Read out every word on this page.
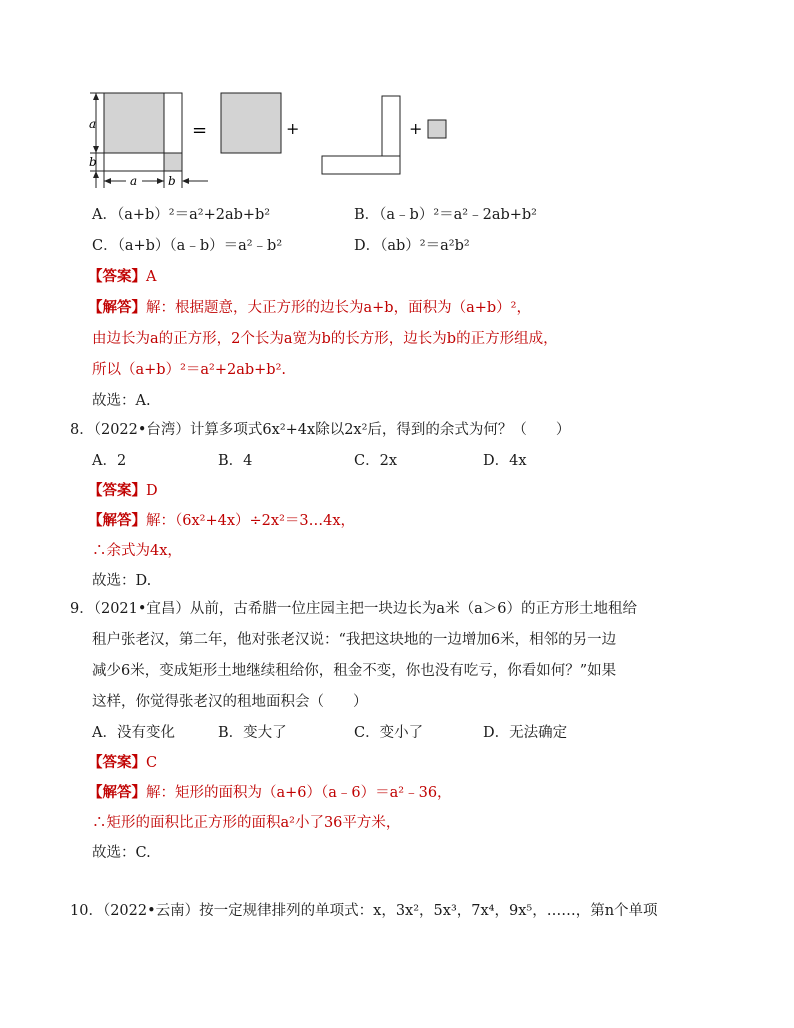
a
b
a	b
=	+	+
A．（a+b）²＝a²+2ab+b²	B．（a﹣b）²＝a²﹣2ab+b²
C．（a+b）（a﹣b）＝a²﹣b²	D．（ab）²＝a²b²
【答案】A
【解答】解：根据题意，大正方形的边长为a+b，面积为（a+b）²，
由边长为a的正方形，2个长为a宽为b的长方形，边长为b的正方形组成，
所以（a+b）²＝a²+2ab+b².
故选：A.
8．（2022•台湾）计算多项式6x²+4x除以2x²后，得到的余式为何？（　　）
A．2	B．4	C．2x	D．4x
【答案】D
【解答】解：（6x²+4x）÷2x²＝3…4x，
∴余式为4x，
故选：D.
9．（2021•宜昌）从前，古希腊一位庄园主把一块边长为a米（a＞6）的正方形土地租给
租户张老汉，第二年，他对张老汉说：“我把这块地的一边增加6米，相邻的另一边
减少6米，变成矩形土地继续租给你，租金不变，你也没有吃亏，你看如何？”如果
这样，你觉得张老汉的租地面积会（　　）
A．没有变化	B．变大了	C．变小了	D．无法确定
【答案】C
【解答】解：矩形的面积为（a+6）（a﹣6）＝a²﹣36，
∴矩形的面积比正方形的面积a²小了36平方米，
故选：C.
10．（2022•云南）按一定规律排列的单项式：x，3x²，5x³，7x⁴，9x⁵，……，第n个单项
